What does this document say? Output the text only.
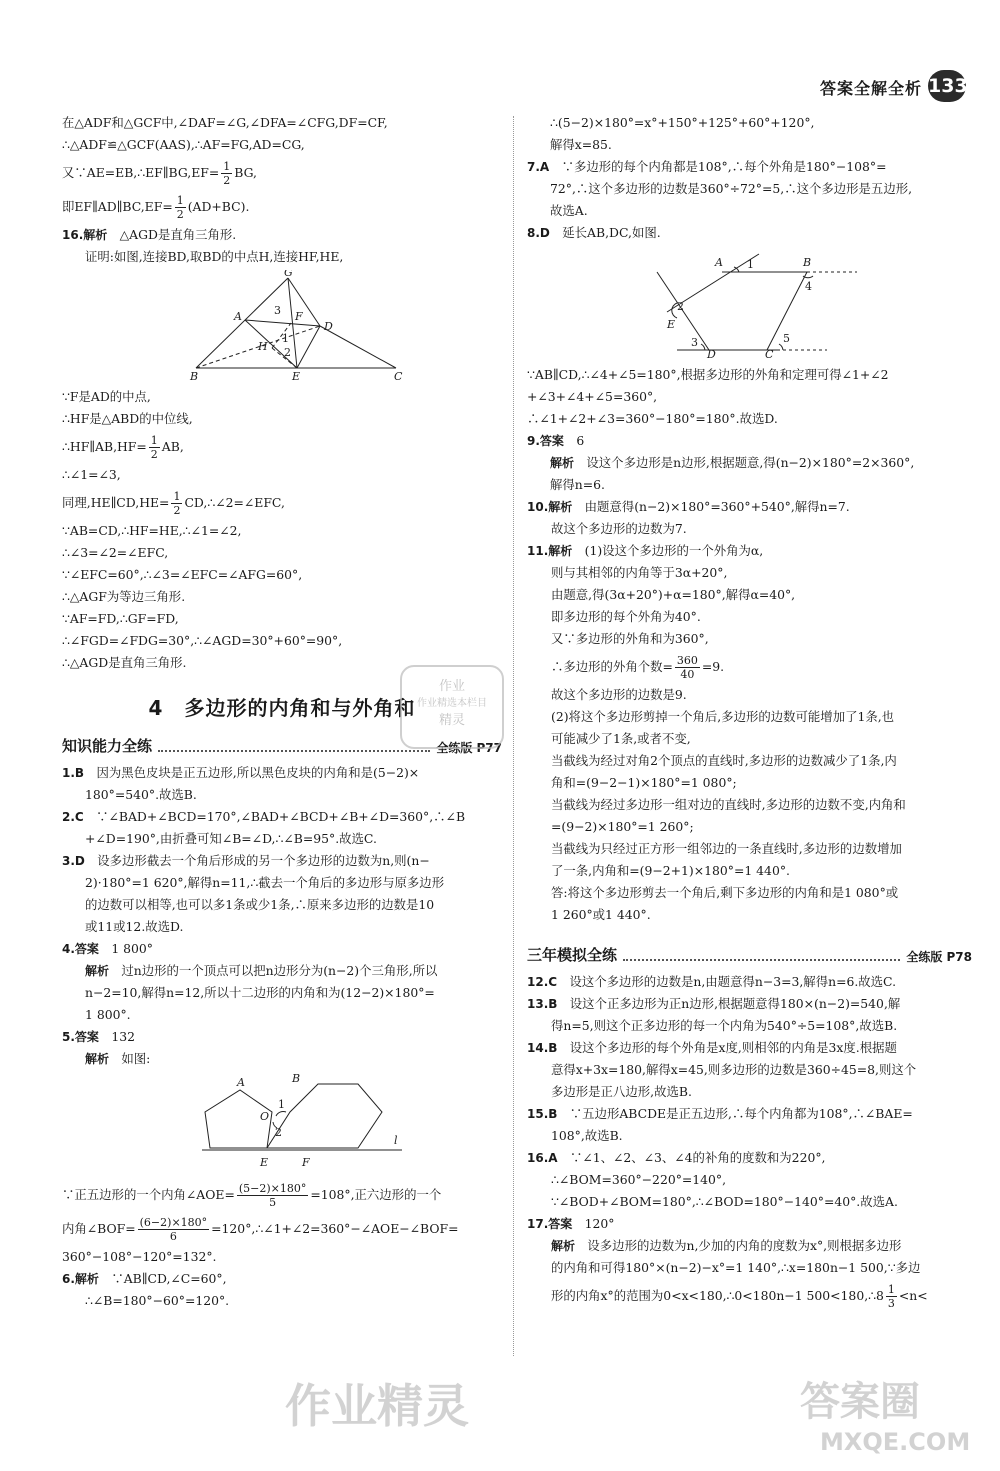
答案全解全析 133
在△ADF和△GCF中,∠DAF=∠G,∠DFA=∠CFG,DF=CF,
∴△ADF≌△GCF(AAS),∴AF=FG,AD=CG,
又∵AE=EB,∴EF∥BG,EF= $\frac{1}{2}$ BG,
即EF∥AD∥BC,EF= $\frac{1}{2} (AD+BC)$.
16.解析　 △AGD是直角三角形.
证明:如图,连接BD,取BD的中点H,连接HF,HE,
G
A	3 F
H
1
2
D
B	E	C
∵F是AD的中点,
∴HF是△ABD的中位线,
∴HF∥AB,HF= $\frac{1}{2}$ AB,
∴∠1=∠3,
同理,HE∥CD,HE= $\frac{1}{2}$ CD,∴∠2=∠EFC,
∵AB=CD,∴HF=HE,∴∠1=∠2,
∴∠3=∠2=∠EFC,
∵∠EFC=60°,∴∠3=∠EFC=∠AFG=60°,
∴△AGF为等边三角形.
∵AF=FD,∴GF=FD,
∴∠FGD=∠FDG=30°,∴∠AGD=30°+60°=90°,
∴△AGD是直角三角形.
4　多边形的内角和与外角和
知识能力全练	全练版 P77
1.B　 因为黑色皮块是正五边形,所以黑色皮块的内角和是(5−2)×
180°=540°.故选B.
2.C　 ∵∠BAD+∠BCD=170°,∠BAD+∠BCD+∠B+∠D=360°,∴∠B
+∠D=190°,由折叠可知∠B=∠D,∴∠B=95°.故选C.
3.D　 设多边形截去一个角后形成的另一个多边形的边数为n,则(n−
2)·180°=1 620°,解得n=11,∴截去一个角后的多边形与原多边形
的边数可以相等,也可以多1条或少1条,∴原来多边形的边数是10
或11或12.故选D.
4.答案　 1 800°
解析　 过n边形的一个顶点可以把n边形分为(n−2)个三角形,所以
n−2=10,解得n=12,所以十二边形的内角和为(12−2)×180°=
1 800°.
5.答案　 132
解析　 如图:
B
A
1
O
2
E	F
l
∵正五边形的一个内角∠AOE= $\frac{(5-2)\times 180^\circ}{5} =108^\circ$,正六边形的一个
内角∠BOF= $\frac{(6-2)\times 180^\circ}{6}$ =120°,∴∠1+∠2=360°−∠AOE−∠BOF=
360°−108°−120°=132°.
6.解析　 ∵AB∥CD,∠C=60°,
∴∠B=180°−60°=120°.
∴(5−2)×180°=x°+150°+125°+60°+120°,
解得x=85.
7.A　 ∵多边形的每个内角都是108°,∴每个外角是180°−108°=
72°,∴这个多边形的边数是360°÷72°=5,∴这个多边形是五边形,
故选A.
8.D　 延长AB,DC,如图.
A 1	B
2
E
4
3
D	C
5
∵AB∥CD,∴∠4+∠5=180°,根据多边形的外角和定理可得∠1+∠2
+∠3+∠4+∠5=360°,
∴∠1+∠2+∠3=360°−180°=180°.故选D.
9.答案　 6
解析　 设这个多边形是n边形,根据题意,得(n−2)×180°=2×360°,
解得n=6.
10.解析　 由题意得(n−2)×180°=360°+540°,解得n=7.
故这个多边形的边数为7.
11.解析　 (1)设这个多边形的一个外角为α,
则与其相邻的内角等于3α+20°,
由题意,得(3α+20°)+α=180°,解得α=40°,
即多边形的每个外角为40°.
又∵多边形的外角和为360°,
∴多边形的外角个数= $\frac{360}{40} =9$.
故这个多边形的边数是9.
(2)将这个多边形剪掉一个角后,多边形的边数可能增加了1条,也
可能减少了1条,或者不变,
当截线为经过对角2个顶点的直线时,多边形的边数减少了1条,内
角和=(9−2−1)×180°=1 080°;
当截线为经过多边形一组对边的直线时,多边形的边数不变,内角和
=(9−2)×180°=1 260°;
当截线为只经过正方形一组邻边的一条直线时,多边形的边数增加
了一条,内角和=(9−2+1)×180°=1 440°.
答:将这个多边形剪去一个角后,剩下多边形的内角和是1 080°或
1 260°或1 440°.
三年模拟全练	全练版 P78
12.C　 设这个多边形的边数是n,由题意得n−3=3,解得n=6.故选C.
13.B　 设这个正多边形为正n边形,根据题意得180×(n−2)=540,解
得n=5,则这个正多边形的每一个内角为540°÷5=108°,故选B.
14.B　 设这个多边形的每个外角是x度,则相邻的内角是3x度.根据题
意得x+3x=180,解得x=45,则多边形的边数是360÷45=8,则这个
多边形是正八边形,故选B.
15.B　 ∵五边形ABCDE是正五边形,∴每个内角都为108°,∴∠BAE=
108°,故选B.
16.A　 ∵∠1、∠2、∠3、∠4的补角的度数和为220°,
∴∠BOM=360°−220°=140°,
∵∠BOD+∠BOM=180°,∴∠BOD=180°−140°=40°.故选A.
17.答案　 120°
解析　 设多边形的边数为n,少加的内角的度数为x°,则根据多边形
的内角和可得180°×(n−2)−x°=1 140°,∴x=180n−1 500,∵多边
形的内角x°的范围为0<x<180,∴0<180n−1 500<180,∴8 $\frac{1}{3} <n<$
作业
作业精选本栏目
精灵
作业精灵	答案圈
MXQE.COM
